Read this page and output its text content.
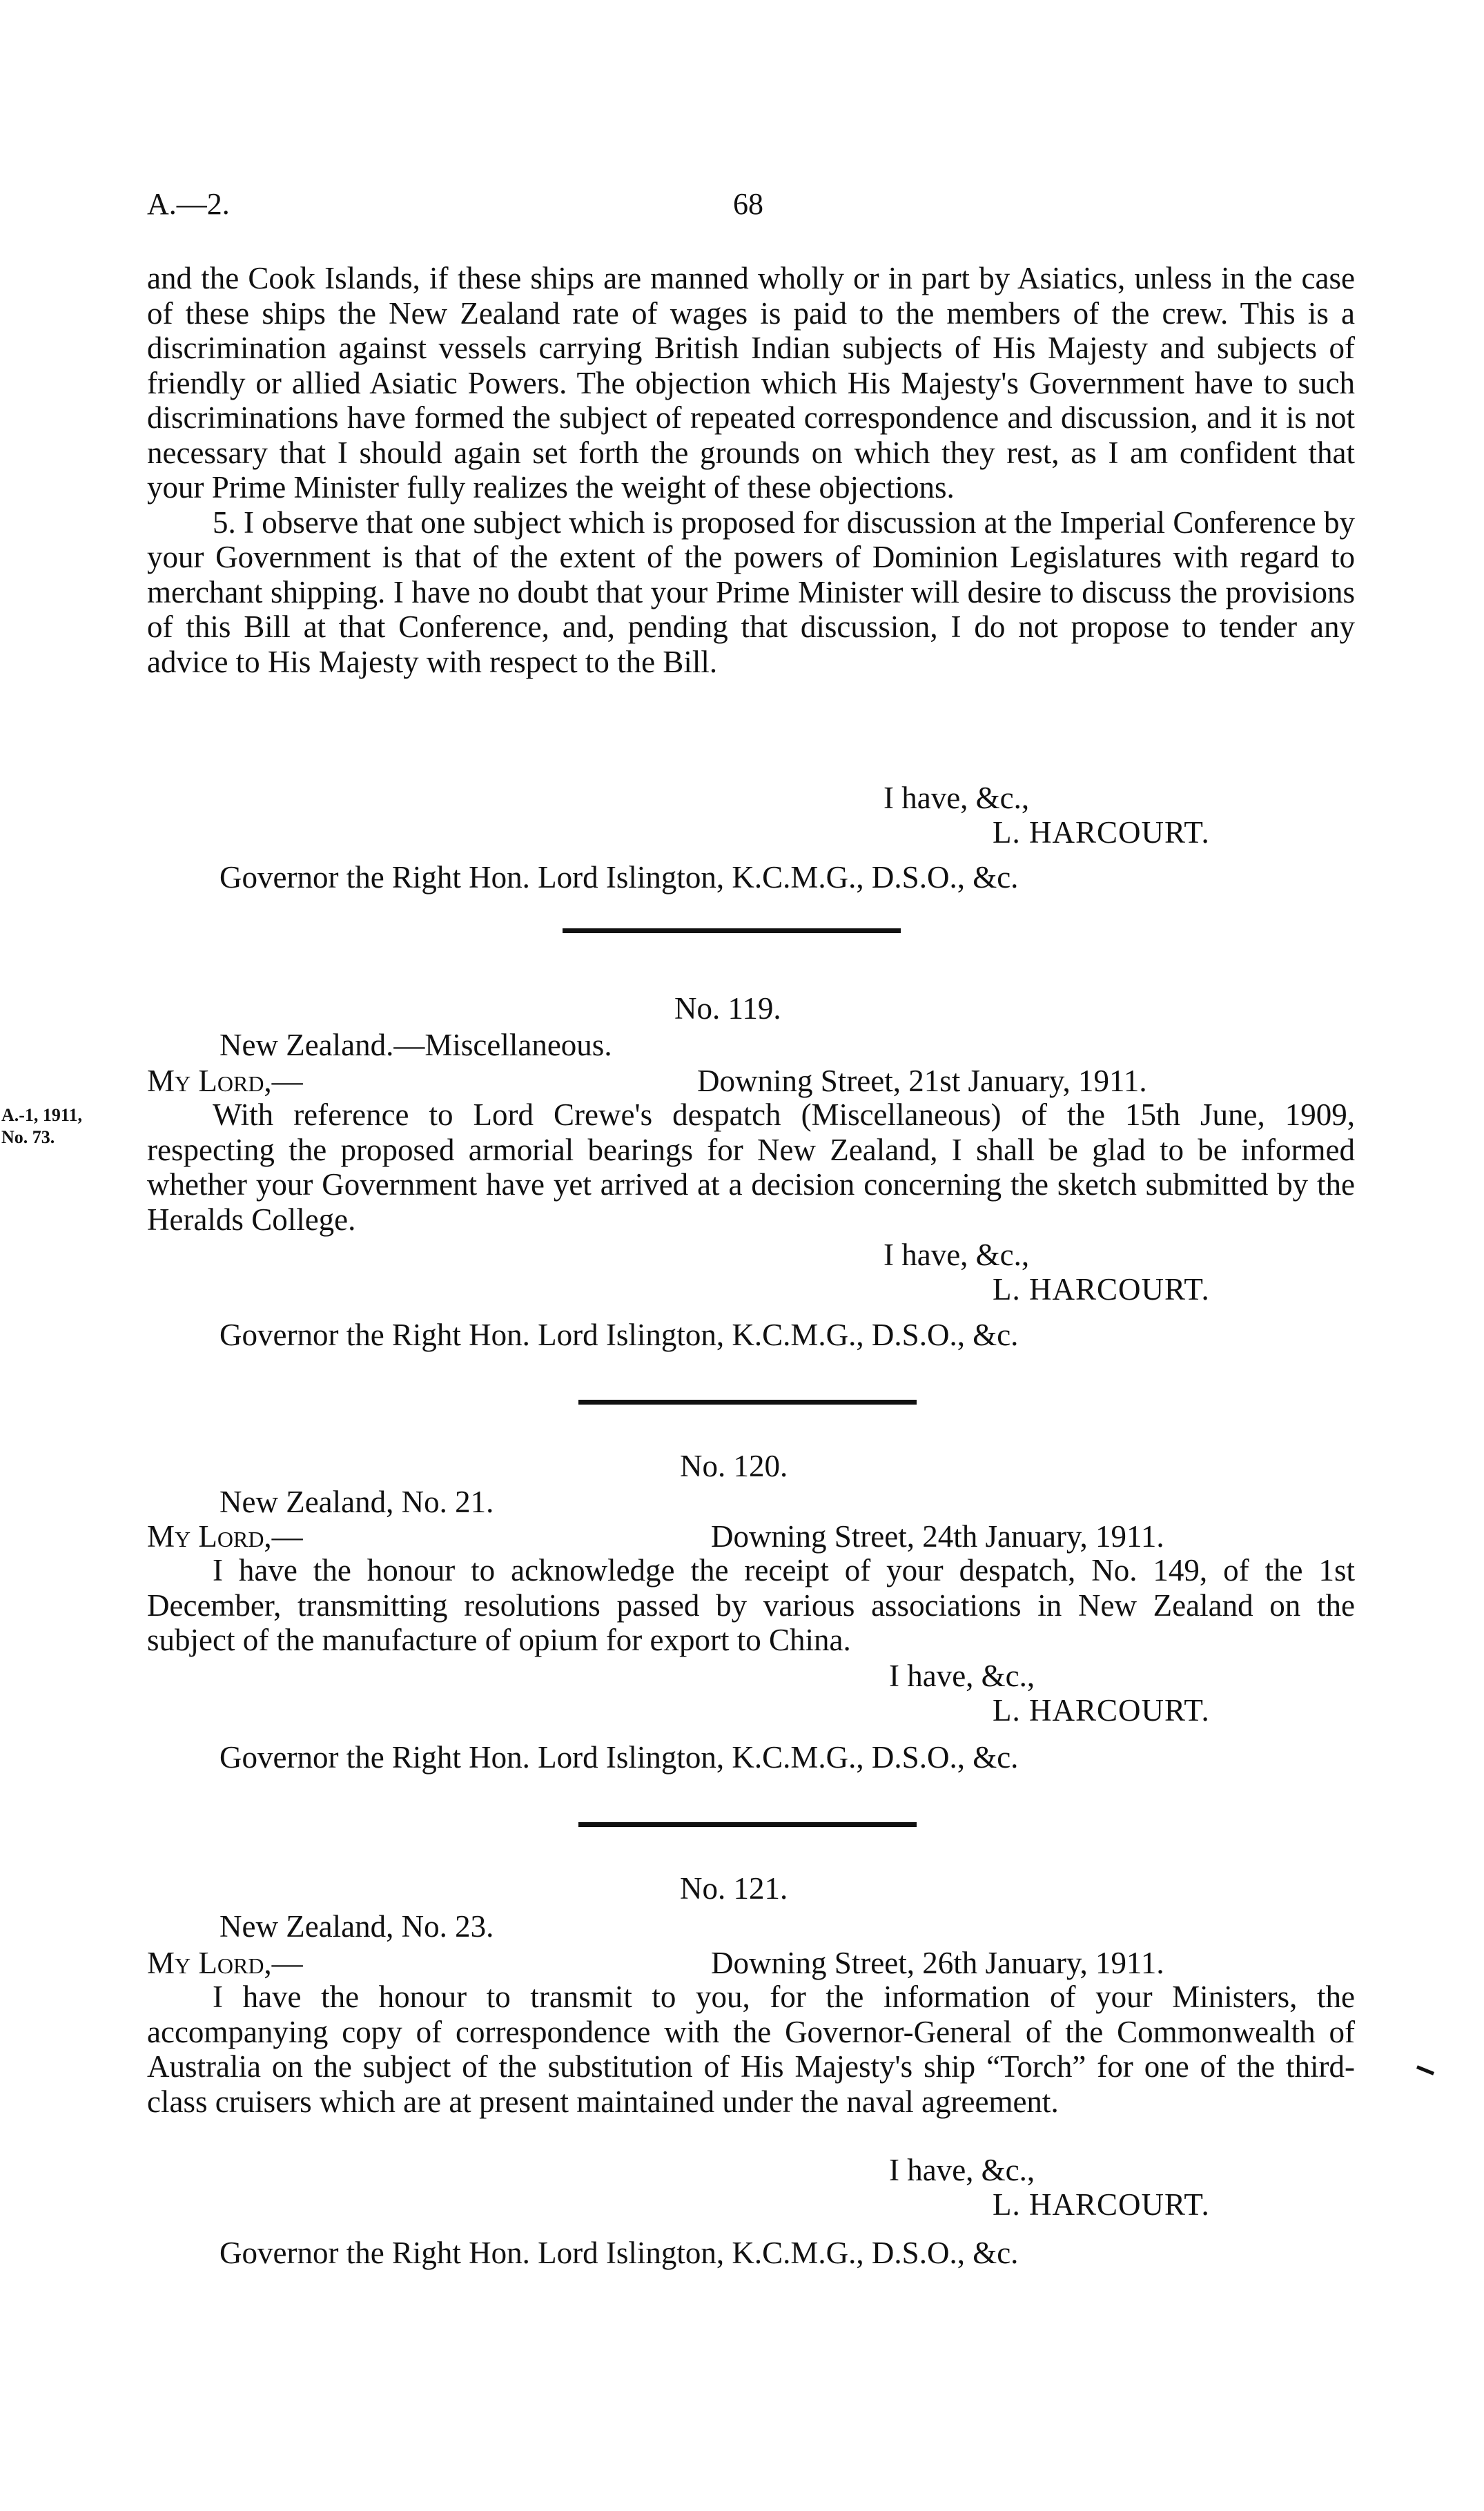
A.—2.	68

and the Cook Islands, if these ships are manned wholly or in part by Asiatics, unless in the case of these ships the New Zealand rate of wages is paid to the members of the crew. This is a discrimination against vessels carrying British Indian subjects of His Majesty and subjects of friendly or allied Asiatic Powers. The objection which His Majesty's Government have to such discriminations have formed the subject of repeated correspondence and discussion, and it is not necessary that I should again set forth the grounds on which they rest, as I am confident that your Prime Minister fully realizes the weight of these objections.

5. I observe that one subject which is proposed for discussion at the Imperial Conference by your Government is that of the extent of the powers of Dominion Legislatures with regard to merchant shipping. I have no doubt that your Prime Minister will desire to discuss the provisions of this Bill at that Conference, and, pending that discussion, I do not propose to tender any advice to His Majesty with respect to the Bill.

I have, &c.,
L. HARCOURT.
Governor the Right Hon. Lord Islington, K.C.M.G., D.S.O., &c.
No. 119.
New Zealand.—Miscellaneous.
My Lord,—	Downing Street, 21st January, 1911.
A.-1, 1911,
No. 73.

With reference to Lord Crewe's despatch (Miscellaneous) of the 15th June, 1909, respecting the proposed armorial bearings for New Zealand, I shall be glad to be informed whether your Government have yet arrived at a decision concerning the sketch submitted by the Heralds College.

I have, &c.,
L. HARCOURT.
Governor the Right Hon. Lord Islington, K.C.M.G., D.S.O., &c.
No. 120.
New Zealand, No. 21.
My Lord,—	Downing Street, 24th January, 1911.

I have the honour to acknowledge the receipt of your despatch, No. 149, of the 1st December, transmitting resolutions passed by various associations in New Zealand on the subject of the manufacture of opium for export to China.

I have, &c.,
L. HARCOURT.
Governor the Right Hon. Lord Islington, K.C.M.G., D.S.O., &c.
No. 121.
New Zealand, No. 23.
My Lord,—	Downing Street, 26th January, 1911.

I have the honour to transmit to you, for the information of your Ministers, the accompanying copy of correspondence with the Governor-General of the Commonwealth of Australia on the subject of the substitution of His Majesty's ship “Torch” for one of the third-class cruisers which are at present maintained under the naval agreement.

I have, &c.,
L. HARCOURT.
Governor the Right Hon. Lord Islington, K.C.M.G., D.S.O., &c.
